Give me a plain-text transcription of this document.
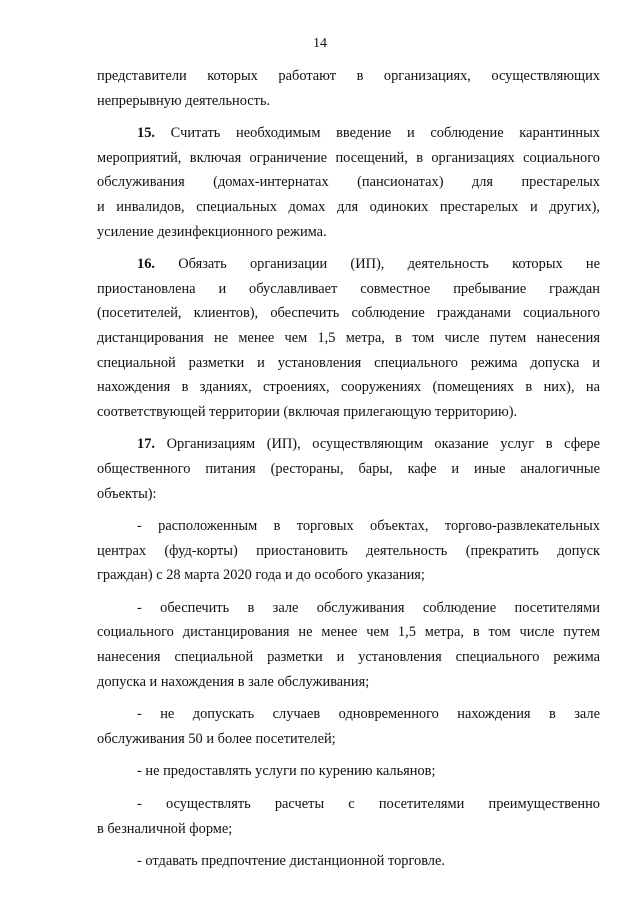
14
представители которых работают в организациях, осуществляющих
непрерывную деятельность.
15. Считать необходимым введение и соблюдение карантинных
мероприятий, включая ограничение посещений, в организациях социального
обслуживания (домах-интернатах (пансионатах) для престарелых
и инвалидов, специальных домах для одиноких престарелых и других),
усиление дезинфекционного режима.
16. Обязать организации (ИП), деятельность которых не
приостановлена и обуславливает совместное пребывание граждан
(посетителей, клиентов), обеспечить соблюдение гражданами социального
дистанцирования не менее чем 1,5 метра, в том числе путем нанесения
специальной разметки и установления специального режима допуска и
нахождения в зданиях, строениях, сооружениях (помещениях в них), на
соответствующей территории (включая прилегающую территорию).
17. Организациям (ИП), осуществляющим оказание услуг в сфере
общественного питания (рестораны, бары, кафе и иные аналогичные
объекты):
- расположенным в торговых объектах, торгово-развлекательных
центрах (фуд-корты) приостановить деятельность (прекратить допуск
граждан) с 28 марта 2020 года и до особого указания;
- обеспечить в зале обслуживания соблюдение посетителями
социального дистанцирования не менее чем 1,5 метра, в том числе путем
нанесения специальной разметки и установления специального режима
допуска и нахождения в зале обслуживания;
- не допускать случаев одновременного нахождения в зале
обслуживания 50 и более посетителей;
- не предоставлять услуги по курению кальянов;
- осуществлять расчеты с посетителями преимущественно
в безналичной форме;
- отдавать предпочтение дистанционной торговле.
